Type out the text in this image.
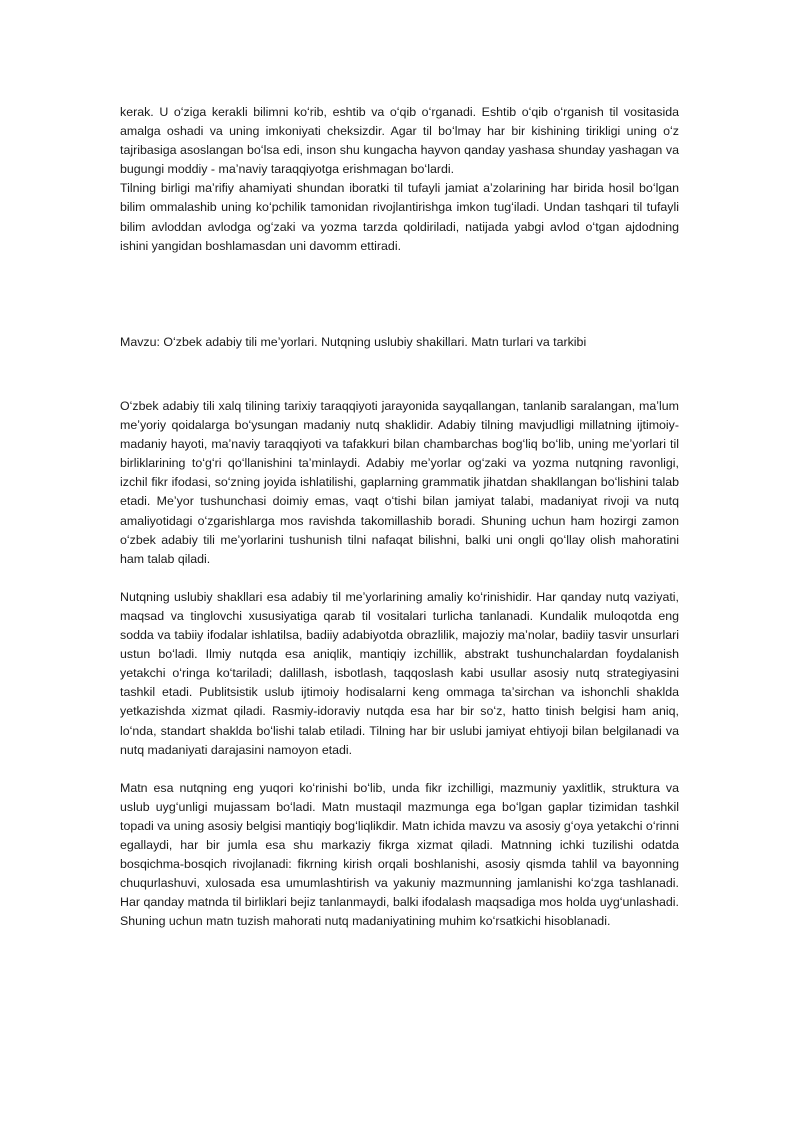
kerak. U oʻziga kerakli bilimni koʻrib, eshtib va oʻqib oʻrganadi. Eshtib oʻqib oʻrganish til vositasida amalga oshadi va uning imkoniyati cheksizdir. Agar til boʻlmay har bir kishining tirikligi uning oʻz tajribasiga asoslangan boʻlsa edi, inson shu kungacha hayvon qanday yashasa shunday yashagan va bugungi moddiy - maʼnaviy taraqqiyotga erishmagan boʻlardi.

Tilning birligi maʼrifiy ahamiyati shundan iboratki til tufayli jamiat aʼzolarining har birida hosil boʻlgan bilim ommalashib uning koʻpchilik tamonidan rivojlantirishga imkon tugʻiladi. Undan tashqari til tufayli bilim avloddan avlodga ogʻzaki va yozma tarzda qoldiriladi, natijada yabgi avlod oʻtgan ajdodning ishini yangidan boshlamasdan uni davomm ettiradi.

Mavzu: Oʻzbek adabiy tili meʼyorlari. Nutqning uslubiy shakillari. Matn turlari va tarkibi

Oʻzbek adabiy tili xalq tilining tarixiy taraqqiyoti jarayonida sayqallangan, tanlanib saralangan, maʼlum meʼyoriy qoidalarga boʻysungan madaniy nutq shaklidir. Adabiy tilning mavjudligi millatning ijtimoiy-madaniy hayoti, maʼnaviy taraqqiyoti va tafakkuri bilan chambarchas bogʻliq boʻlib, uning meʼyorlari til birliklarining toʻgʻri qoʻllanishini taʼminlaydi. Adabiy meʼyorlar ogʻzaki va yozma nutqning ravonligi, izchil fikr ifodasi, soʻzning joyida ishlatilishi, gaplarning grammatik jihatdan shakllangan boʻlishini talab etadi. Meʼyor tushunchasi doimiy emas, vaqt oʻtishi bilan jamiyat talabi, madaniyat rivoji va nutq amaliyotidagi oʻzgarishlarga mos ravishda takomillashib boradi. Shuning uchun ham hozirgi zamon oʻzbek adabiy tili meʼyorlarini tushunish tilni nafaqat bilishni, balki uni ongli qoʻllay olish mahoratini ham talab qiladi.

Nutqning uslubiy shakllari esa adabiy til meʼyorlarining amaliy koʻrinishidir. Har qanday nutq vaziyati, maqsad va tinglovchi xususiyatiga qarab til vositalari turlicha tanlanadi. Kundalik muloqotda eng sodda va tabiiy ifodalar ishlatilsa, badiiy adabiyotda obrazlilik, majoziy maʼnolar, badiiy tasvir unsurlari ustun boʻladi. Ilmiy nutqda esa aniqlik, mantiqiy izchillik, abstrakt tushunchalardan foydalanish yetakchi oʻringa koʻtariladi; dalillash, isbotlash, taqqoslash kabi usullar asosiy nutq strategiyasini tashkil etadi. Publitsistik uslub ijtimoiy hodisalarni keng ommaga taʼsirchan va ishonchli shaklda yetkazishda xizmat qiladi. Rasmiy-idoraviy nutqda esa har bir soʻz, hatto tinish belgisi ham aniq, loʻnda, standart shaklda boʻlishi talab etiladi. Tilning har bir uslubi jamiyat ehtiyoji bilan belgilanadi va nutq madaniyati darajasini namoyon etadi.

Matn esa nutqning eng yuqori koʻrinishi boʻlib, unda fikr izchilligi, mazmuniy yaxlitlik, struktura va uslub uygʻunligi mujassam boʻladi. Matn mustaqil mazmunga ega boʻlgan gaplar tizimidan tashkil topadi va uning asosiy belgisi mantiqiy bogʻliqlikdir. Matn ichida mavzu va asosiy gʻoya yetakchi oʻrinni egallaydi, har bir jumla esa shu markaziy fikrga xizmat qiladi. Matnning ichki tuzilishi odatda bosqichma-bosqich rivojlanadi: fikrning kirish orqali boshlanishi, asosiy qismda tahlil va bayonning chuqurlashuvi, xulosada esa umumlashtirish va yakuniy mazmunning jamlanishi koʻzga tashlanadi. Har qanday matnda til birliklari bejiz tanlanmaydi, balki ifodalash maqsadiga mos holda uygʻunlashadi. Shuning uchun matn tuzish mahorati nutq madaniyatining muhim koʻrsatkichi hisoblanadi.
